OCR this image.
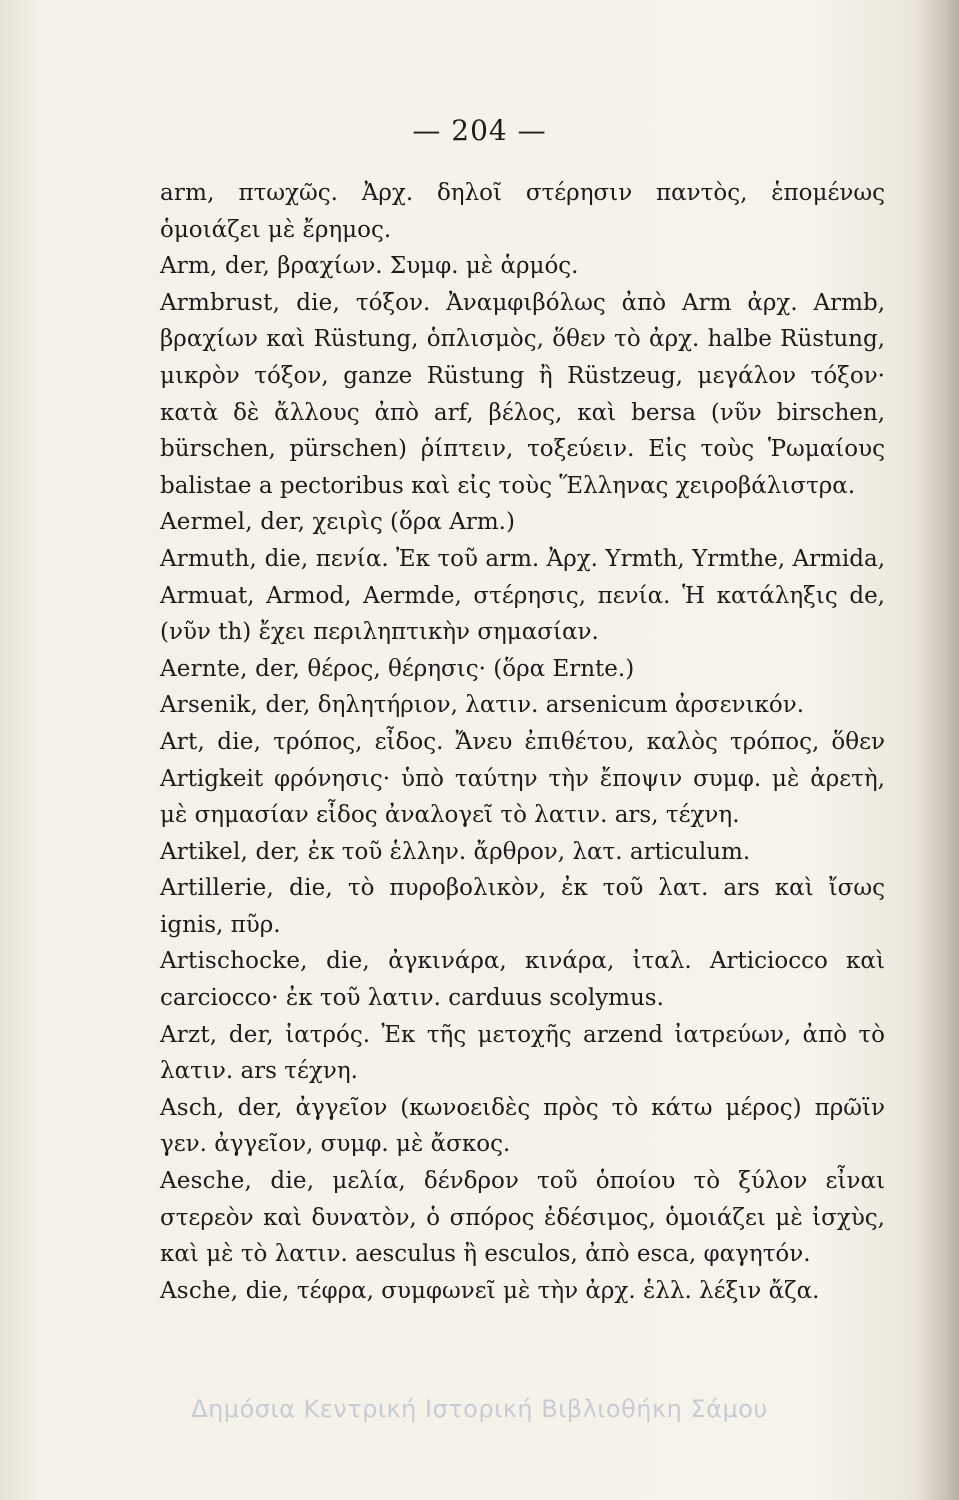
— 204 —
arm, πτωχῶς. Ἀρχ. δηλοῖ στέρησιν παντὸς, ἑπομένως ὁμοιάζει μὲ ἔρημος.
Arm, der, βραχίων. Συμφ. μὲ ἁρμός.
Armbrust, die, τόξον. Ἀναμφιβόλως ἀπὸ Arm ἀρχ. Armb, βραχίων καὶ Rüstung, ὁπλισμὸς, ὅθεν τὸ ἀρχ. halbe Rüstung, μικρὸν τόξον, ganze Rüstung ἢ Rüstzeug, μεγάλον τόξον· κατὰ δὲ ἄλλους ἀπὸ arf, βέλος, καὶ bersa (νῦν birschen, bürschen, pürschen) ῥίπτειν, τοξεύειν. Εἰς τοὺς Ῥωμαίους balistae a pectoribus καὶ εἰς τοὺς Ἕλληνας χειροβάλιστρα.
Aermel, der, χειρὶς (ὅρα Arm.)
Armuth, die, πενία. Ἐκ τοῦ arm. Ἀρχ. Yrmth, Yrmthe, Armida, Armuat, Armod, Aermde, στέρησις, πενία. Ἡ κατάληξις de, (νῦν th) ἔχει περιληπτικὴν σημασίαν.
Aernte, der, θέρος, θέρησις· (ὅρα Ernte.)
Arsenik, der, δηλητήριον, λατιν. arsenicum ἀρσενικόν.
Art, die, τρόπος, εἶδος. Ἄνευ ἐπιθέτου, καλὸς τρόπος, ὅθεν Artigkeit φρόνησις· ὑπὸ ταύτην τὴν ἔποψιν συμφ. μὲ ἀρετὴ, μὲ σημασίαν εἶδος ἀναλογεῖ τὸ λατιν. ars, τέχνη.
Artikel, der, ἐκ τοῦ ἑλλην. ἄρθρον, λατ. articulum.
Artillerie, die, τὸ πυροβολικὸν, ἐκ τοῦ λατ. ars καὶ ἴσως ignis, πῦρ.
Artischocke, die, ἀγκινάρα, κινάρα, ἰταλ. Articiocco καὶ carciocco· ἐκ τοῦ λατιν. carduus scolymus.
Arzt, der, ἰατρός. Ἐκ τῆς μετοχῆς arzend ἰατρεύων, ἀπὸ τὸ λατιν. ars τέχνη.
Asch, der, ἀγγεῖον (κωνοειδὲς πρὸς τὸ κάτω μέρος) πρῶϊν γεν. ἀγγεῖον, συμφ. μὲ ἄσκος.
Aesche, die, μελία, δένδρον τοῦ ὁποίου τὸ ξύλον εἶναι στερεὸν καὶ δυνατὸν, ὁ σπόρος ἐδέσιμος, ὁμοιάζει μὲ ἰσχὺς, καὶ μὲ τὸ λατιν. aesculus ἢ esculos, ἀπὸ esca, φαγητόν.
Asche, die, τέφρα, συμφωνεῖ μὲ τὴν ἀρχ. ἑλλ. λέξιν ἄζα.
Δημόσια Κεντρική Ιστορική Βιβλιοθήκη Σάμου
